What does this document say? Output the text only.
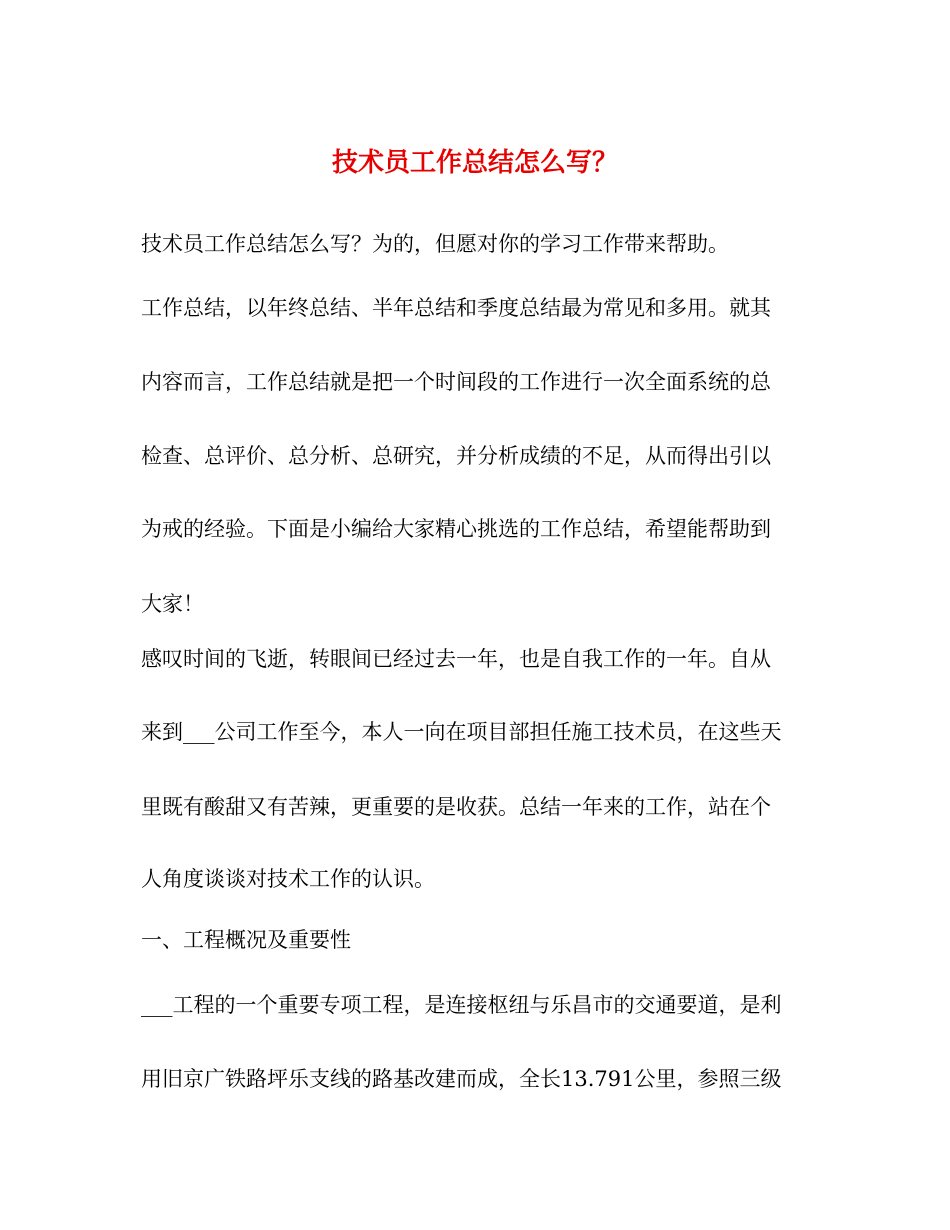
技术员工作总结怎么写？
技术员工作总结怎么写？为的，但愿对你的学习工作带来帮助。
工作总结，以年终总结、半年总结和季度总结最为常见和多用。就其
内容而言，工作总结就是把一个时间段的工作进行一次全面系统的总
检查、总评价、总分析、总研究，并分析成绩的不足，从而得出引以
为戒的经验。下面是小编给大家精心挑选的工作总结，希望能帮助到
大家！
感叹时间的飞逝，转眼间已经过去一年，也是自我工作的一年。自从
来到___公司工作至今，本人一向在项目部担任施工技术员，在这些天
里既有酸甜又有苦辣，更重要的是收获。总结一年来的工作，站在个
人角度谈谈对技术工作的认识。
一、工程概况及重要性
___工程的一个重要专项工程，是连接枢纽与乐昌市的交通要道，是利
用旧京广铁路坪乐支线的路基改建而成，全长13.791公里，参照三级
